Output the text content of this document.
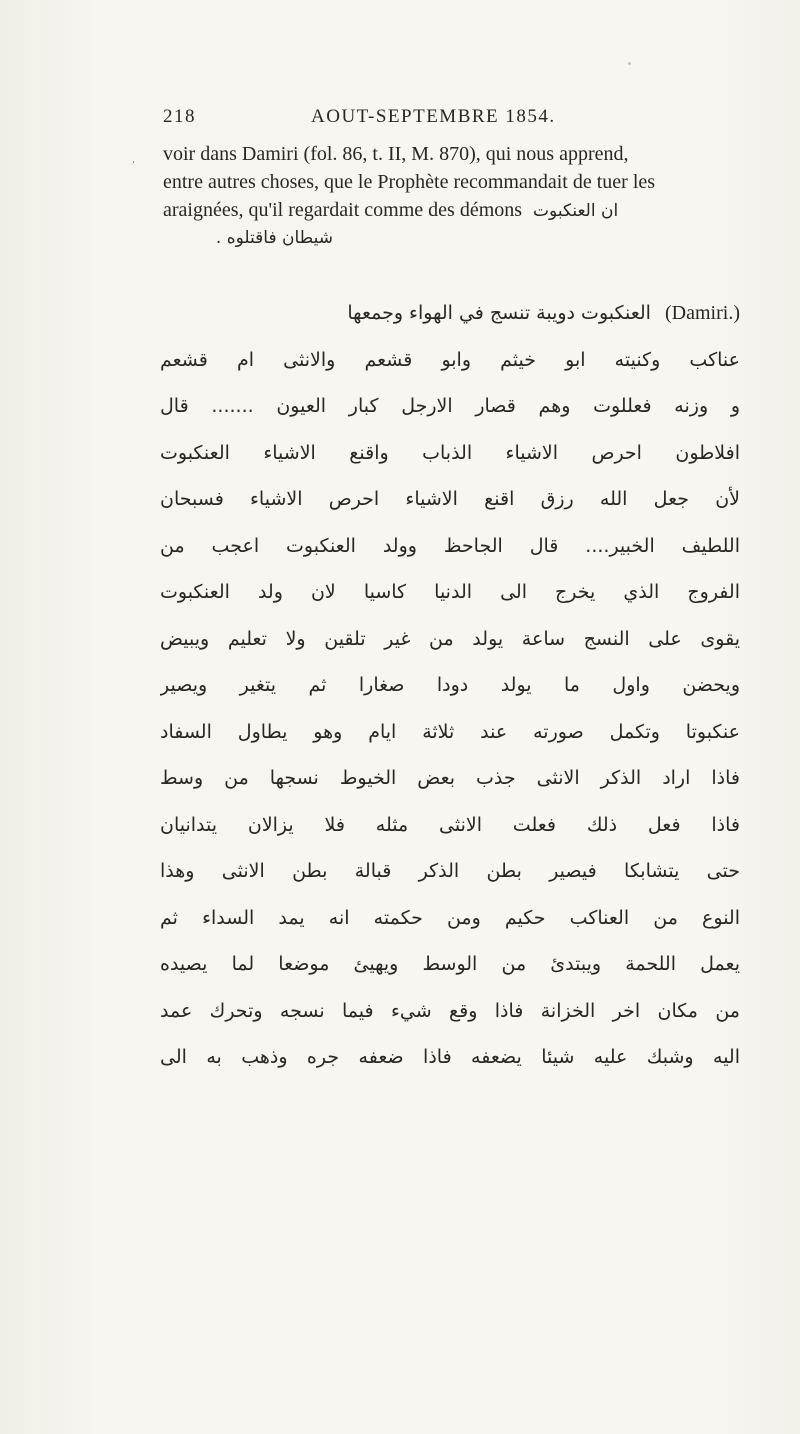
218	AOUT-SEPTEMBRE 1854.
, voir dans Damiri (fol. 86, t. II, M. 870), qui nous apprend,
entre autres choses, que le Prophète recommandait de tuer les
araignées, qu'il regardait comme des démons ان العنكبوت
شيطان فاقتلوه .
(Damiri.) العنكبوت دويبة تنسج في الهواء وجمعها
عناكب وكنيته ابو خيثم وابو قشعم والانثى ام قشعم
و وزنه فعللوت وهم قصار الارجل كبار العيون ....... قال
افلاطون احرص الاشياء الذباب واقنع الاشياء العنكبوت
لأن جعل الله رزق اقنع الاشياء احرص الاشياء فسبحان
اللطيف الخبير.... قال الجاحظ وولد العنكبوت اعجب من
الفروج الذي يخرج الى الدنيا كاسيا لان ولد العنكبوت
يقوى على النسج ساعة يولد من غير تلقين ولا تعليم ويبيض
ويحضن واول ما يولد دودا صغارا ثم يتغير ويصير
عنكبوتا وتكمل صورته عند ثلاثة ايام وهو يطاول السفاد
فاذا اراد الذكر الانثى جذب بعض الخيوط نسجها من وسط
فاذا فعل ذلك فعلت الانثى مثله فلا يزالان يتدانيان
حتى يتشابكا فيصير بطن الذكر قبالة بطن الانثى وهذا
النوع من العناكب حكيم ومن حكمته انه يمد السداء ثم
يعمل اللحمة ويبتدئ من الوسط ويهيئ موضعا لما يصيده
من مكان اخر الخزانة فاذا وقع شيء فيما نسجه وتحرك عمد
اليه وشبك عليه شيئا يضعفه فاذا ضعفه جره وذهب به الى
